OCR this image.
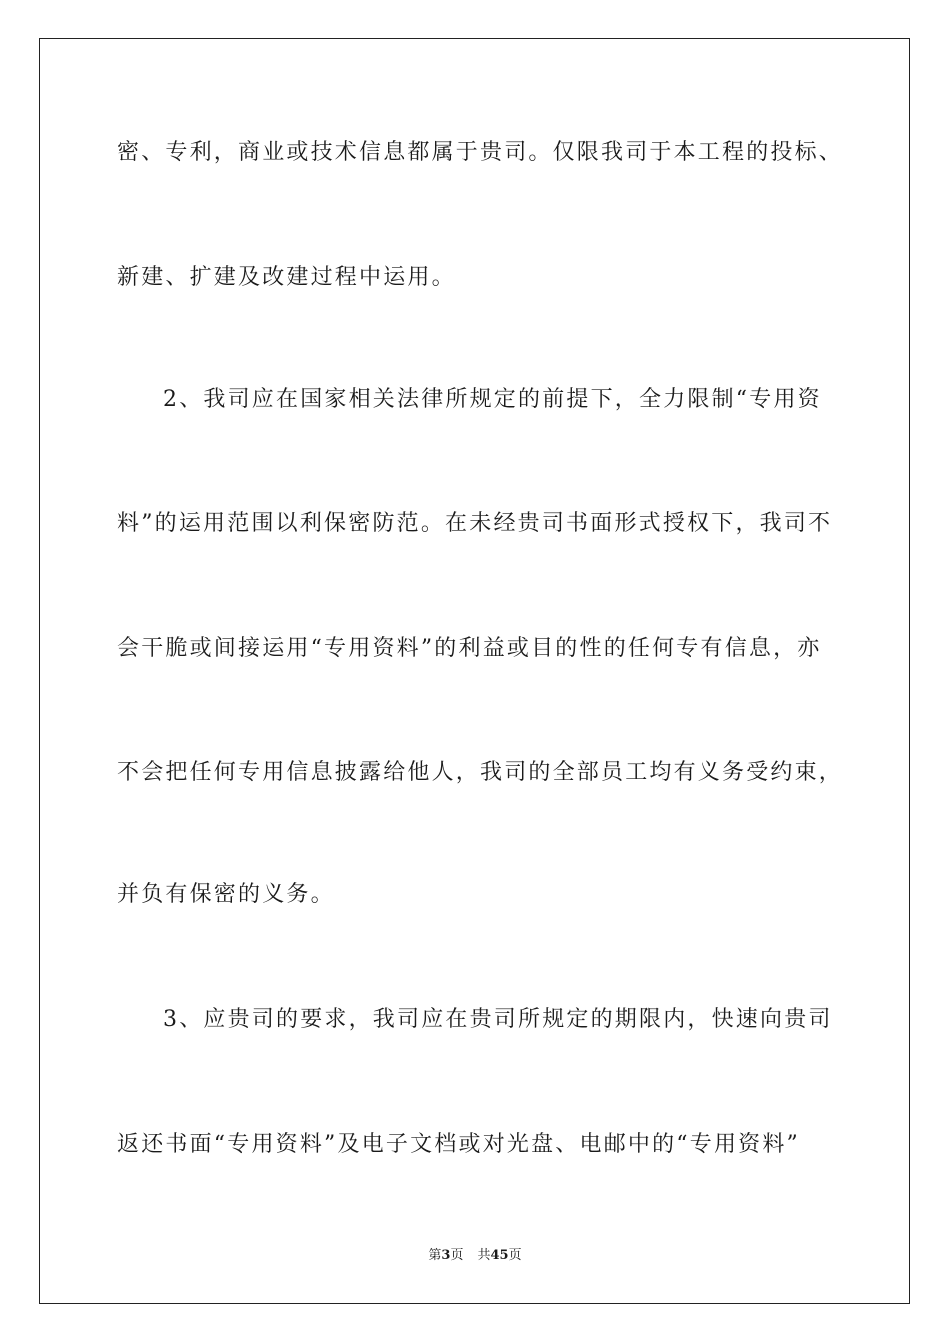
密、专利，商业或技术信息都属于贵司。仅限我司于本工程的投标、
新建、扩建及改建过程中运用。
2、我司应在国家相关法律所规定的前提下，全力限制“专用资
料”的运用范围以利保密防范。在未经贵司书面形式授权下，我司不
会干脆或间接运用“专用资料”的利益或目的性的任何专有信息，亦
不会把任何专用信息披露给他人，我司的全部员工均有义务受约束，
并负有保密的义务。
3、应贵司的要求，我司应在贵司所规定的期限内，快速向贵司
返还书面“专用资料”及电子文档或对光盘、电邮中的“专用资料”
第3页 共45页
